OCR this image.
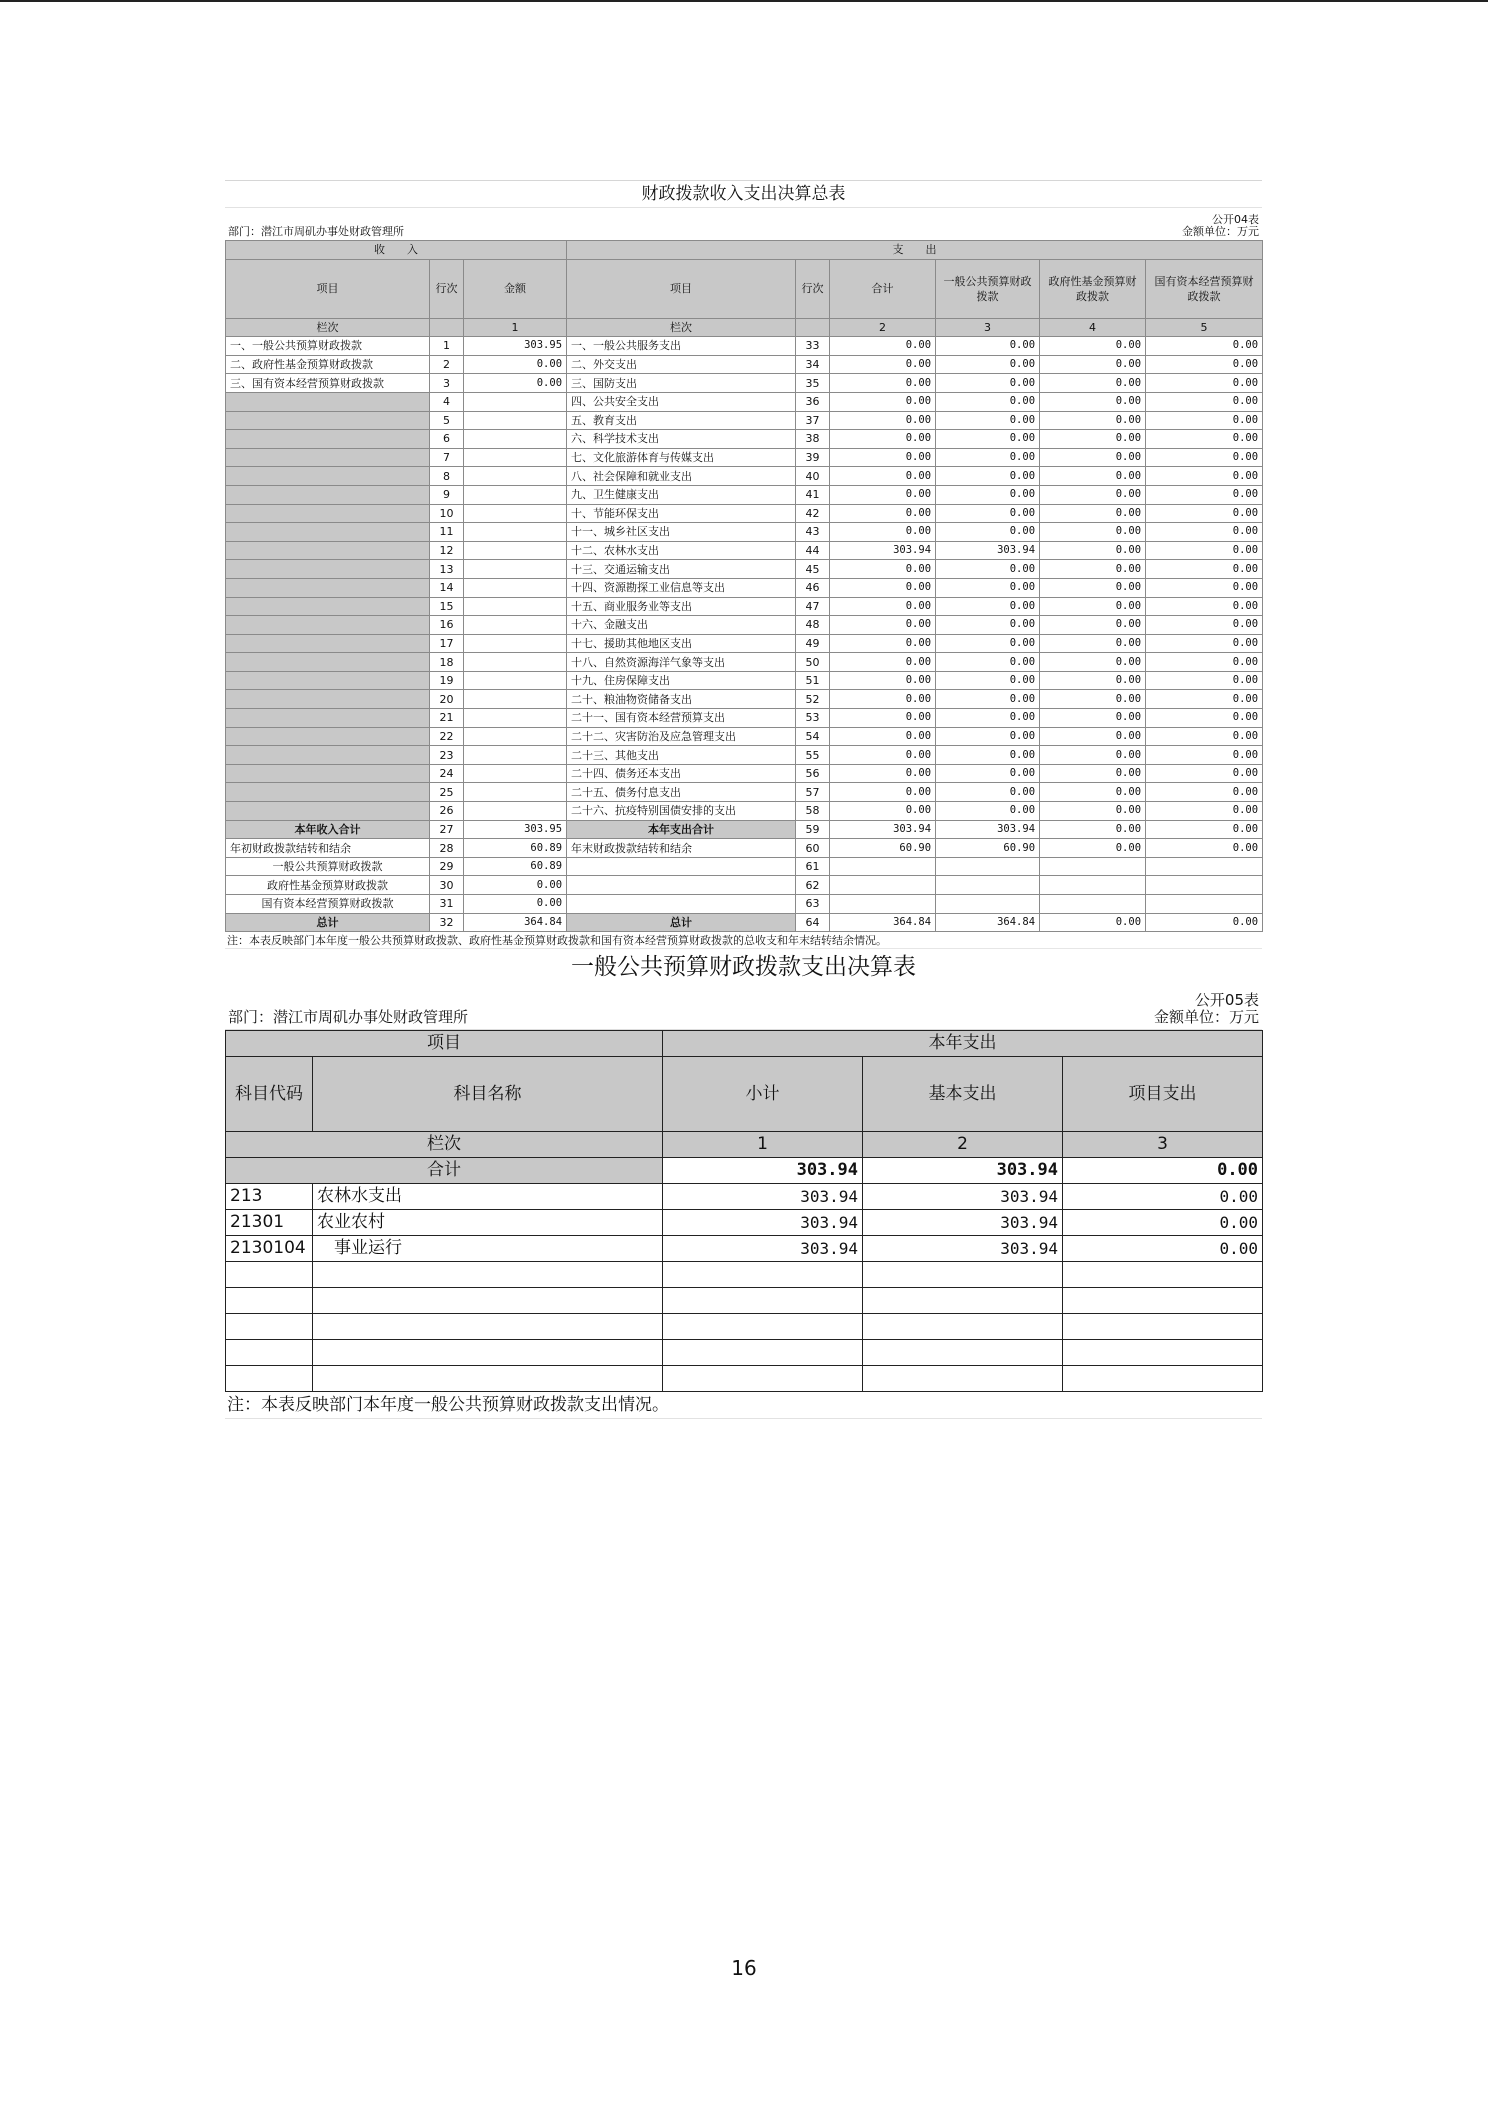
财政拨款收入支出决算总表
部门：潜江市周矶办事处财政管理所
公开04表
金额单位：万元
收　　入			支　　出					
项目	行次	金额	项目	行次	合计	一般公共预算财政拨款	政府性基金预算财政拨款	国有资本经营预算财政拨款
栏次		1	栏次		2	3	4	5
一、一般公共预算财政拨款	1	303.95	一、一般公共服务支出	33	0.00	0.00	0.00	0.00
二、政府性基金预算财政拨款	2	0.00	二、外交支出	34	0.00	0.00	0.00	0.00
三、国有资本经营预算财政拨款	3	0.00	三、国防支出	35	0.00	0.00	0.00	0.00
	4		四、公共安全支出	36	0.00	0.00	0.00	0.00
	5		五、教育支出	37	0.00	0.00	0.00	0.00
	6		六、科学技术支出	38	0.00	0.00	0.00	0.00
	7		七、文化旅游体育与传媒支出	39	0.00	0.00	0.00	0.00
	8		八、社会保障和就业支出	40	0.00	0.00	0.00	0.00
	9		九、卫生健康支出	41	0.00	0.00	0.00	0.00
	10		十、节能环保支出	42	0.00	0.00	0.00	0.00
	11		十一、城乡社区支出	43	0.00	0.00	0.00	0.00
	12		十二、农林水支出	44	303.94	303.94	0.00	0.00
	13		十三、交通运输支出	45	0.00	0.00	0.00	0.00
	14		十四、资源勘探工业信息等支出	46	0.00	0.00	0.00	0.00
	15		十五、商业服务业等支出	47	0.00	0.00	0.00	0.00
	16		十六、金融支出	48	0.00	0.00	0.00	0.00
	17		十七、援助其他地区支出	49	0.00	0.00	0.00	0.00
	18		十八、自然资源海洋气象等支出	50	0.00	0.00	0.00	0.00
	19		十九、住房保障支出	51	0.00	0.00	0.00	0.00
	20		二十、粮油物资储备支出	52	0.00	0.00	0.00	0.00
	21		二十一、国有资本经营预算支出	53	0.00	0.00	0.00	0.00
	22		二十二、灾害防治及应急管理支出	54	0.00	0.00	0.00	0.00
	23		二十三、其他支出	55	0.00	0.00	0.00	0.00
	24		二十四、债务还本支出	56	0.00	0.00	0.00	0.00
	25		二十五、债务付息支出	57	0.00	0.00	0.00	0.00
	26		二十六、抗疫特别国债安排的支出	58	0.00	0.00	0.00	0.00
本年收入合计	27	303.95	本年支出合计	59	303.94	303.94	0.00	0.00
年初财政拨款结转和结余	28	60.89	年末财政拨款结转和结余	60	60.90	60.90	0.00	0.00
一般公共预算财政拨款	29	60.89		61				
政府性基金预算财政拨款	30	0.00		62				
国有资本经营预算财政拨款	31	0.00		63				
总计	32	364.84	总计	64	364.84	364.84	0.00	0.00
注：本表反映部门本年度一般公共预算财政拨款、政府性基金预算财政拨款和国有资本经营预算财政拨款的总收支和年末结转结余情况。
一般公共预算财政拨款支出决算表
部门：潜江市周矶办事处财政管理所
公开05表
金额单位：万元
项目		本年支出		
科目代码	科目名称	小计	基本支出	项目支出
栏次		1	2	3
合计		303.94	303.94	0.00
213	农林水支出	303.94	303.94	0.00
21301	农业农村	303.94	303.94	0.00
2130104	　事业运行	303.94	303.94	0.00

注：本表反映部门本年度一般公共预算财政拨款支出情况。
16
